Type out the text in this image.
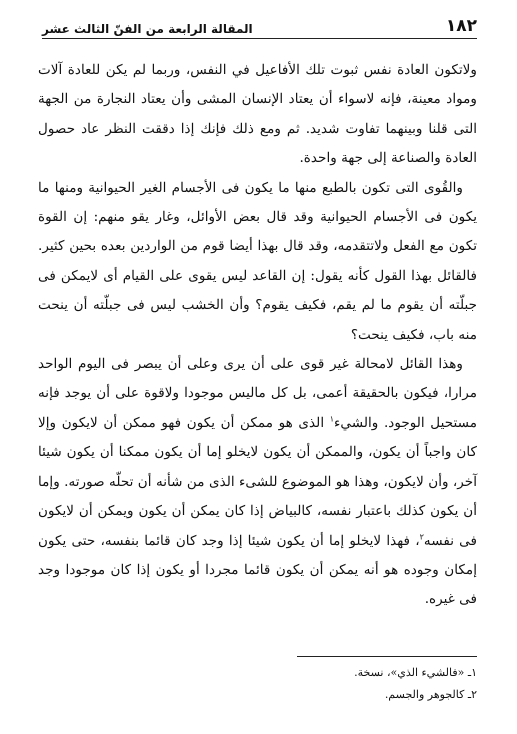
١٨٢
المقالة الرابعة من الفنّ الثالث عشر

ولاتكون العادة نفس ثبوت تلك الأفاعيل في النفس، وربما لم يكن للعادة آلات ومواد معينة، فإنه لاسواء أن يعتاد الإنسان المشى وأن يعتاد النجارة من الجهة التى قلنا وبينهما تفاوت شديد. ثم ومع ذلك فإنك إذا دققت النظر عاد حصول العادة والصناعة إلى جهة واحدة.

والقُوى التى تكون بالطبع منها ما يكون فى الأجسام الغير الحيوانية ومنها ما يكون فى الأجسام الحيوانية وقد قال بعض الأوائل، وغار يقو منهم: إن القوة تكون مع الفعل ولاتتقدمه، وقد قال بهذا أيضا قوم من الواردين بعده بحين كثير. فالقائل بهذا القول كأنه يقول: إن القاعد ليس يقوى على القيام أى لايمكن فى جبلّته أن يقوم ما لم يقم، فكيف يقوم؟ وأن الخشب ليس فى جبلّته أن ينحت منه باب، فكيف ينحت؟

وهذا القائل لامحالة غير قوى على أن يرى وعلى أن يبصر فى اليوم الواحد مرارا، فيكون بالحقيقة أعمى، بل كل ماليس موجودا ولاقوة على أن يوجد فإنه مستحيل الوجود. والشيء$^١$ الذى هو ممكن أن يكون فهو ممكن أن لايكون وإلا كان واجباً أن يكون، والممكن أن يكون لايخلو إما أن يكون ممكنا أن يكون شيئا آخر، وأن لايكون، وهذا هو الموضوع للشىء الذى من شأنه أن تحلّه صورته. وإما أن يكون كذلك باعتبار نفسه، كالبياض إذا كان يمكن أن يكون ويمكن أن لايكون فى نفسه$^٢$، فهذا لايخلو إما أن يكون شيئا إذا وجد كان قائما بنفسه، حتى يكون إمكان وجوده هو أنه يمكن أن يكون قائما مجردا أو يكون إذا كان موجودا وجد فى غيره.

١ـ «فالشيء الذي»، نسخة.

٢ـ كالجوهر والجسم.
